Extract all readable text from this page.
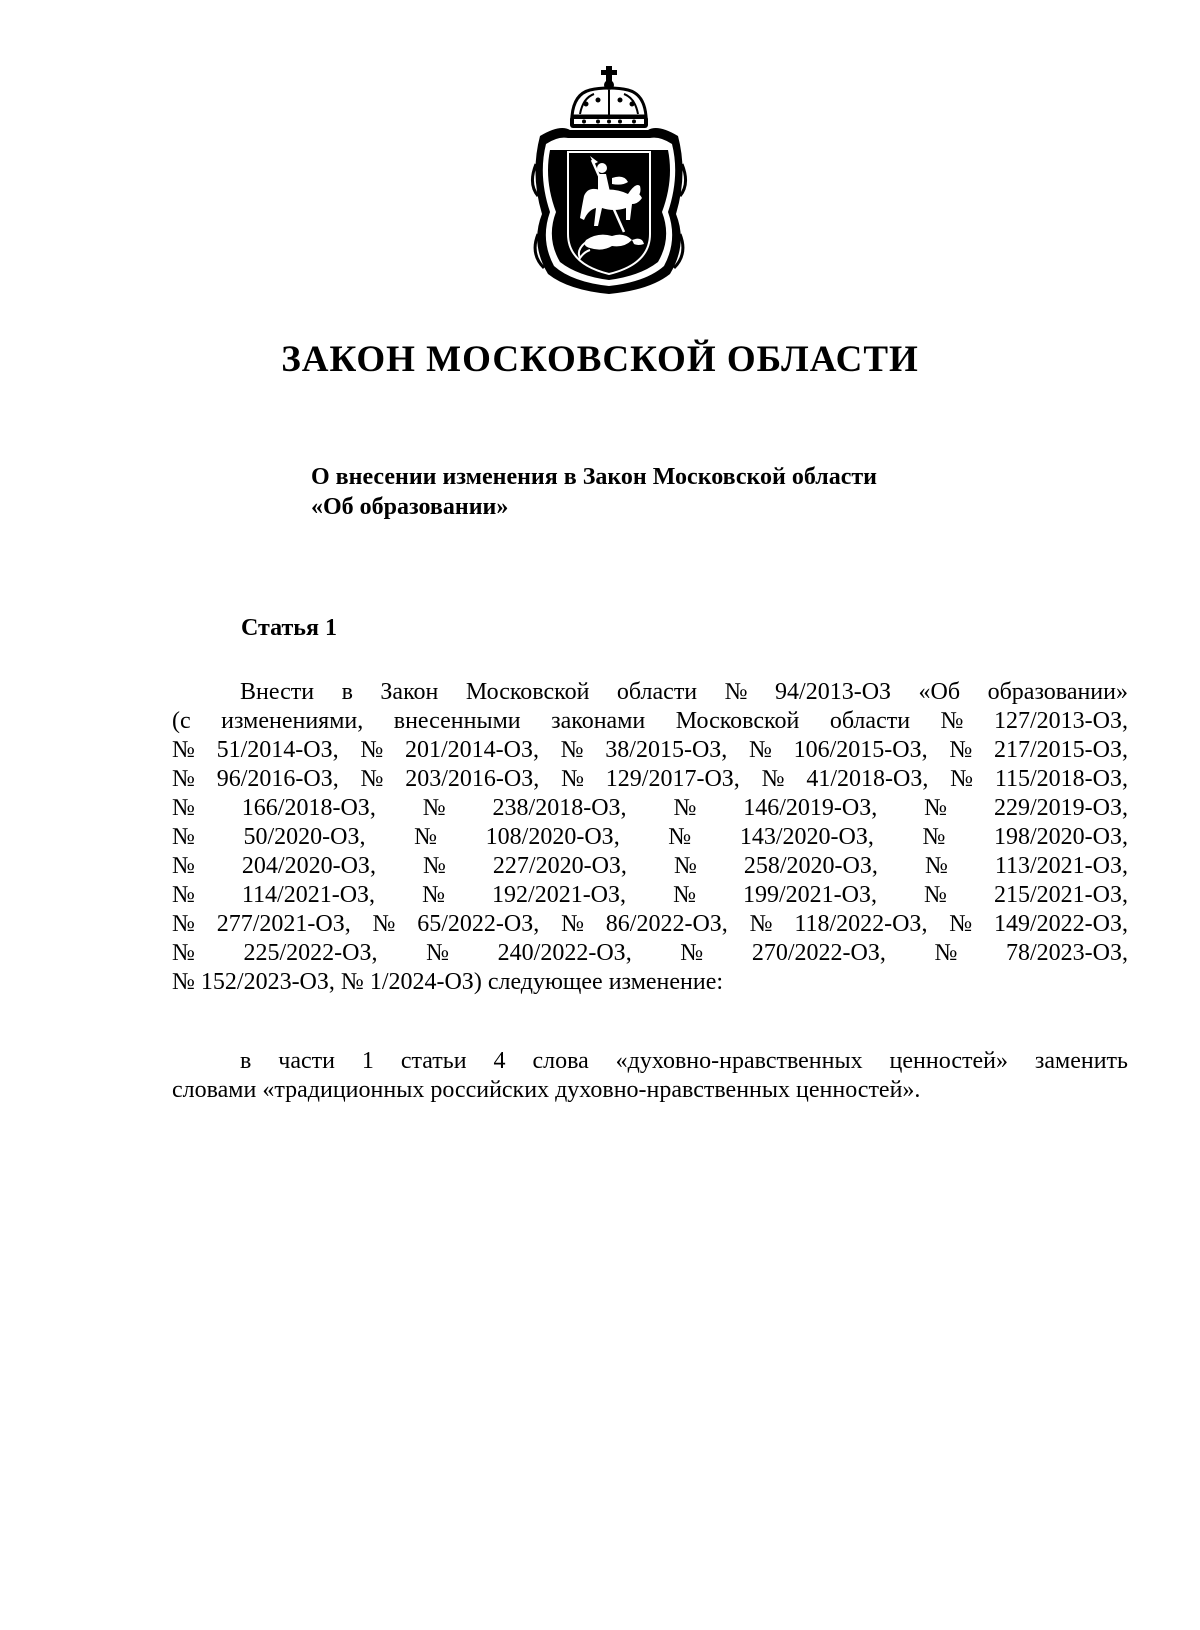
ЗАКОН МОСКОВСКОЙ ОБЛАСТИ
О внесении изменения в Закон Московской области
«Об образовании»
Статья 1
Внести в Закон Московской области № 94/2013-ОЗ «Об образовании»
(с изменениями, внесенными законами Московской области № 127/2013-ОЗ,
№ 51/2014-ОЗ, № 201/2014-ОЗ, № 38/2015-ОЗ, № 106/2015-ОЗ, № 217/2015-ОЗ,
№ 96/2016-ОЗ, № 203/2016-ОЗ, № 129/2017-ОЗ, № 41/2018-ОЗ, № 115/2018-ОЗ,
№ 166/2018-ОЗ, № 238/2018-ОЗ, № 146/2019-ОЗ, № 229/2019-ОЗ,
№ 50/2020-ОЗ, № 108/2020-ОЗ, № 143/2020-ОЗ, № 198/2020-ОЗ,
№ 204/2020-ОЗ, № 227/2020-ОЗ, № 258/2020-ОЗ, № 113/2021-ОЗ,
№ 114/2021-ОЗ, № 192/2021-ОЗ, № 199/2021-ОЗ, № 215/2021-ОЗ,
№ 277/2021-ОЗ, № 65/2022-ОЗ, № 86/2022-ОЗ, № 118/2022-ОЗ, № 149/2022-ОЗ,
№ 225/2022-ОЗ, № 240/2022-ОЗ, № 270/2022-ОЗ, № 78/2023-ОЗ,
№ 152/2023-ОЗ, № 1/2024-ОЗ) следующее изменение:
в части 1 статьи 4 слова «духовно-нравственных ценностей» заменить
словами «традиционных российских духовно-нравственных ценностей».
